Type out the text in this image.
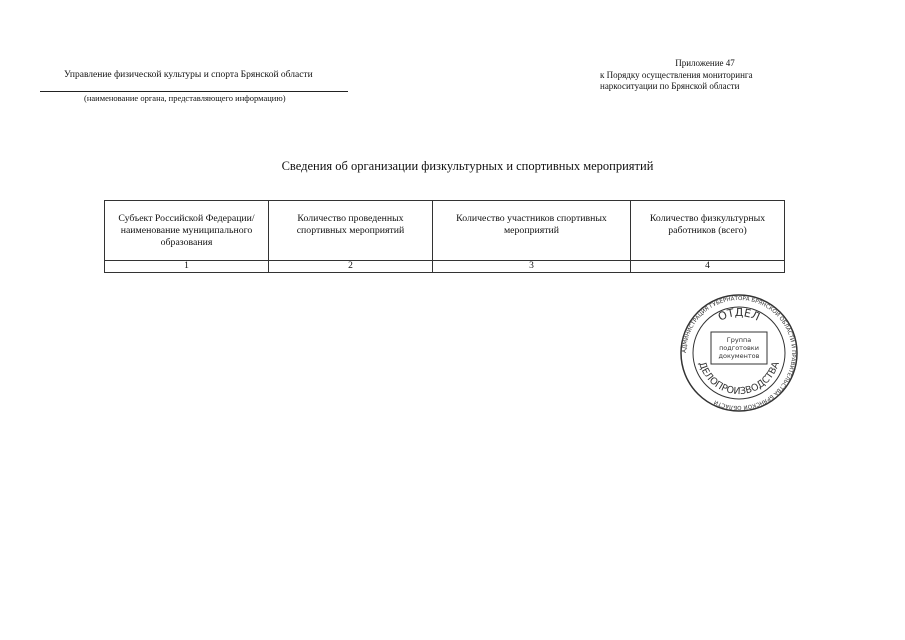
Управление физической культуры и спорта Брянской области
(наименование органа, представляющего информацию)
Приложение 47
к Порядку осуществления мониторинга
наркоситуации по Брянской области
Сведения об организации физкультурных и спортивных мероприятий
Субъект Российской Федерации/ наименование муниципального образования	Количество проведенных спортивных мероприятий	Количество участников спортивных мероприятий	Количество физкультурных работников (всего)
1	2	3	4
АДМИНИСТРАЦИЯ ГУБЕРНАТОРА БРЯНСКОЙ ОБЛАСТИ И ПРАВИТЕЛЬСТВА БРЯНСКОЙ ОБЛАСТИ
ОТДЕЛ
ДЕЛОПРОИЗВОДСТВА
Группа
подготовки
документов
